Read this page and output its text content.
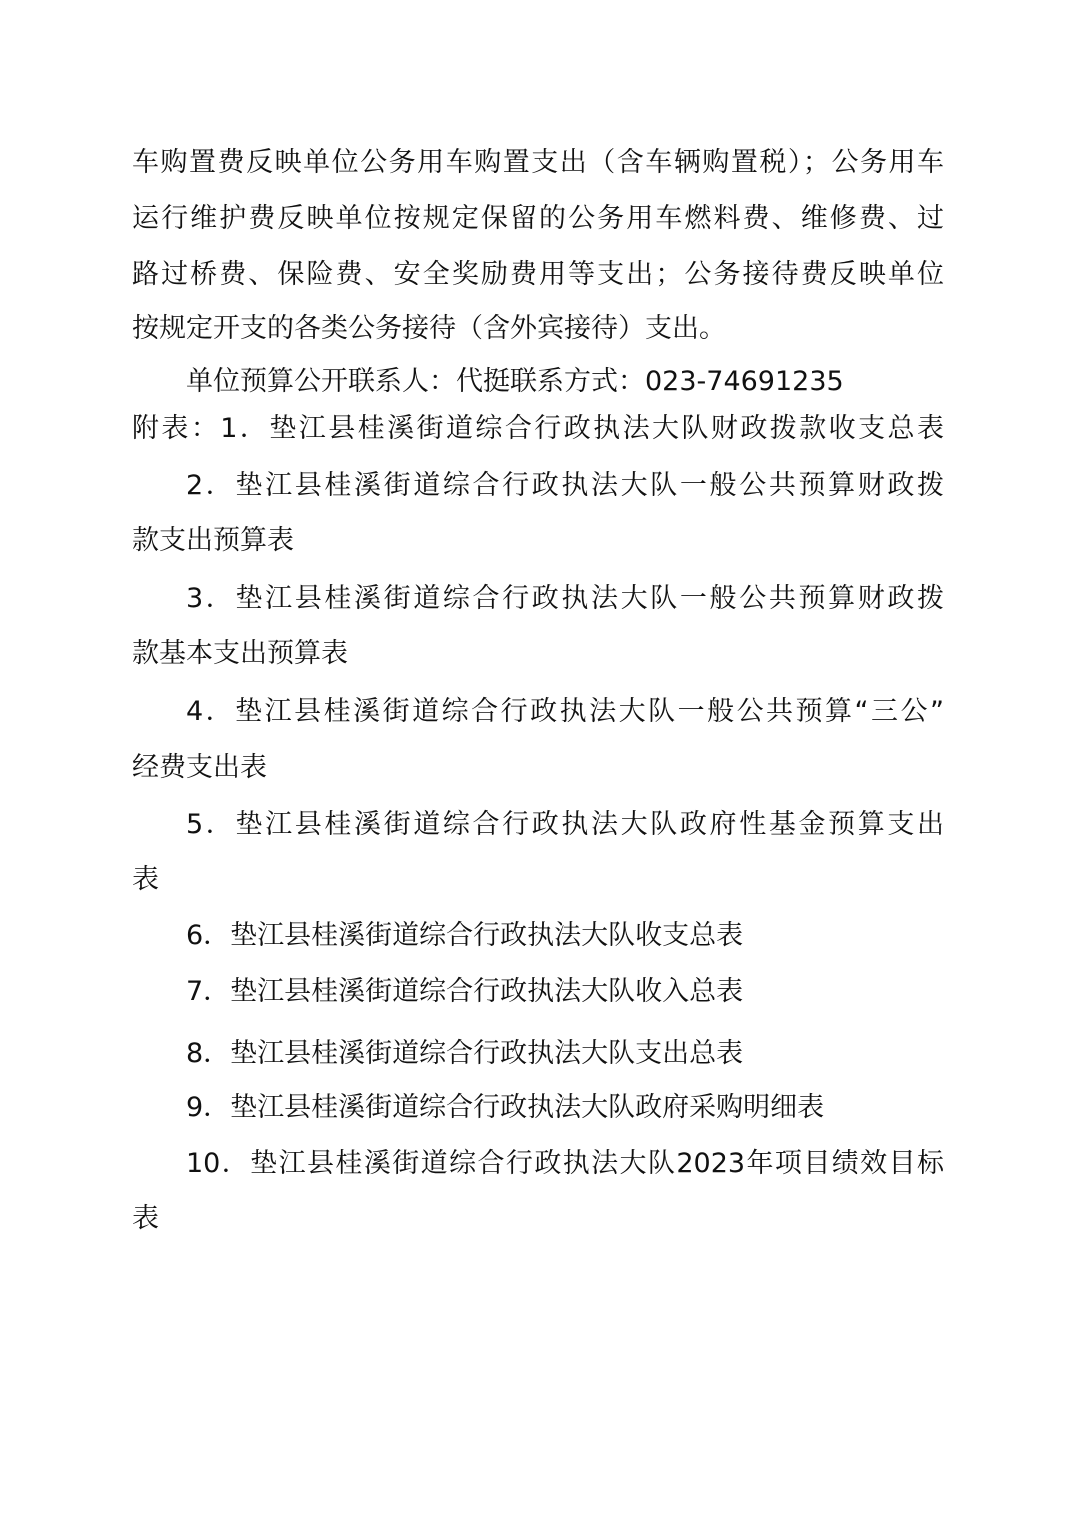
车购置费反映单位公务用车购置支出（含车辆购置税）；公务用车
运行维护费反映单位按规定保留的公务用车燃料费、维修费、过
路过桥费、保险费、安全奖励费用等支出；公务接待费反映单位
按规定开支的各类公务接待（含外宾接待）支出。
单位预算公开联系人：代挺联系方式：023-74691235
附表：1．垫江县桂溪街道综合行政执法大队财政拨款收支总表
2．垫江县桂溪街道综合行政执法大队一般公共预算财政拨
款支出预算表
3．垫江县桂溪街道综合行政执法大队一般公共预算财政拨
款基本支出预算表
4．垫江县桂溪街道综合行政执法大队一般公共预算“三公”
经费支出表
5．垫江县桂溪街道综合行政执法大队政府性基金预算支出
表
6．垫江县桂溪街道综合行政执法大队收支总表
7．垫江县桂溪街道综合行政执法大队收入总表
8．垫江县桂溪街道综合行政执法大队支出总表
9．垫江县桂溪街道综合行政执法大队政府采购明细表
10．垫江县桂溪街道综合行政执法大队2023年项目绩效目标
表
